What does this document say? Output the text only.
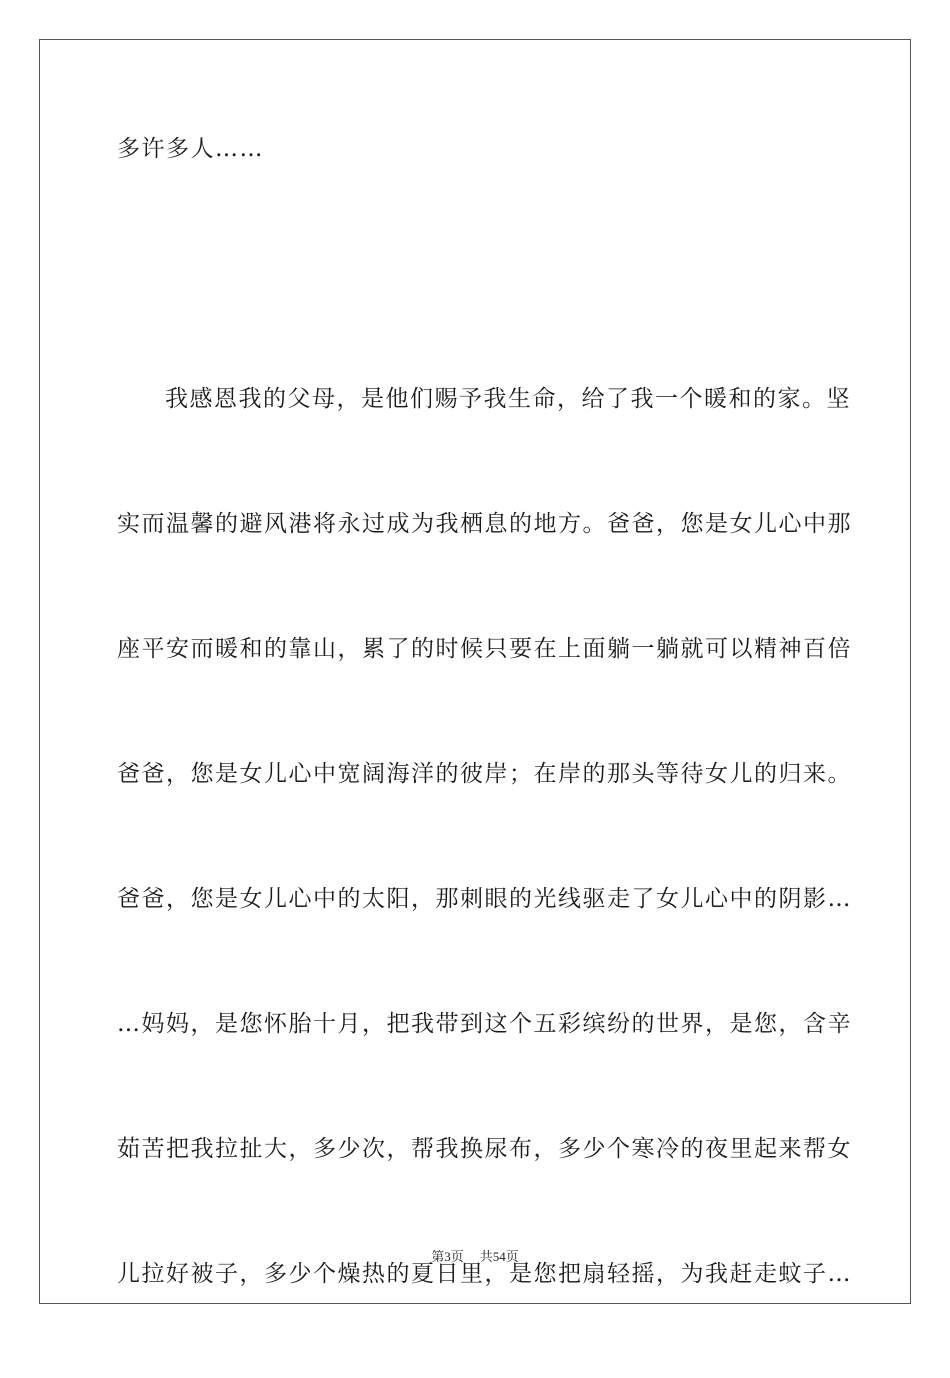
多许多人……
我感恩我的父母，是他们赐予我生命，给了我一个暖和的家。坚
实而温馨的避风港将永过成为我栖息的地方。爸爸，您是女儿心中那
座平安而暖和的靠山，累了的时候只要在上面躺一躺就可以精神百倍
爸爸，您是女儿心中宽阔海洋的彼岸；在岸的那头等待女儿的归来。
爸爸，您是女儿心中的太阳，那刺眼的光线驱走了女儿心中的阴影…
…妈妈，是您怀胎十月，把我带到这个五彩缤纷的世界，是您，含辛
茹苦把我拉扯大，多少次，帮我换尿布，多少个寒冷的夜里起来帮女
儿拉好被子，多少个燥热的夏日里，是您把扇轻摇，为我赶走蚊子…
第3页 共54页
